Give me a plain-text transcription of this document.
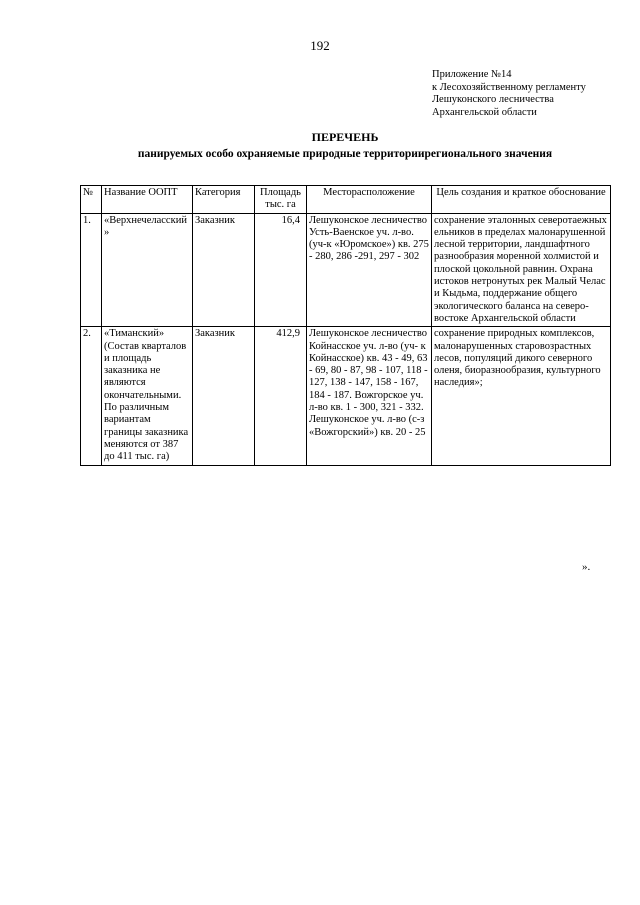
192
Приложение №14
к Лесохозяйственному регламенту
Лешуконского лесничества
Архангельской области
ПЕРЕЧЕНЬ
панируемых особо охраняемые природные территориирегионального значения
№	Название ООПТ	Категория	Площадь тыс. га	Месторасположение	Цель создания и краткое обоснование
1.	«Верхнечеласский»	Заказник	16,4	Лешуконское лесничество Усть-Ваенское уч. л-во. (уч-к «Юромское») кв. 275 - 280, 286 -291, 297 - 302	сохранение эталонных северотаежных ельников в пределах малонарушенной лесной территории, ландшафтного разнообразия моренной холмистой и плоской цокольной равнин. Охрана истоков нетронутых рек Малый Челас и Кыдьма, поддержание общего экологического баланса на северо- востоке Архангельской области
2.	«Тиманский» (Состав кварталов и площадь заказника не являются окончательными. По различным вариантам границы заказника меняются от 387 до 411 тыс. га)	Заказник	412,9	Лешуконское лесничество Койнасское уч. л-во (уч- к Койнасское) кв. 43 - 49, 63 - 69, 80 - 87, 98 - 107, 118 - 127, 138 - 147, 158 - 167, 184 - 187. Вожгорское уч. л-во кв. 1 - 300, 321 - 332. Лешуконское уч. л-во (с-з «Вожгорский») кв. 20 - 25	сохранение природных комплексов, малонарушенных старовозрастных лесов, популяций дикого северного оленя, биоразнообразия, культурного наследия»;
».
